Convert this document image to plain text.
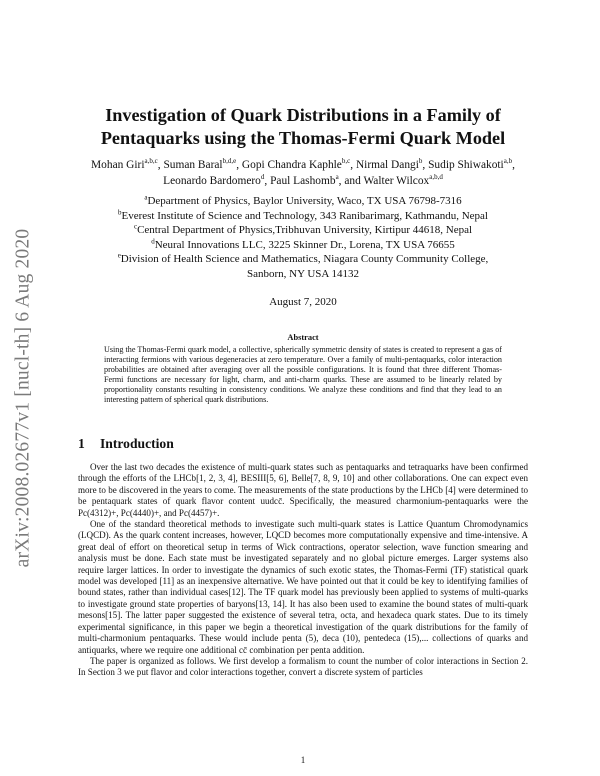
arXiv:2008.02677v1 [nucl-th] 6 Aug 2020
Investigation of Quark Distributions in a Family of
Pentaquarks using the Thomas-Fermi Quark Model
Mohan Giri$^{a,b,c}$, Suman Baral$^{b,d,e}$, Gopi Chandra Kaphle$^{b,c}$, Nirmal Dangi$^b$, Sudip Shiwakoti$^{a,b}$, Leonardo Bardomero$^d$, Paul Lashomb$^a$, and Walter Wilcox$^{a,b,d}$
$^a$Department of Physics, Baylor University, Waco, TX USA 76798-7316
$^b$Everest Institute of Science and Technology, 343 Ranibarimarg, Kathmandu, Nepal
$^c$Central Department of Physics,Tribhuvan University, Kirtipur 44618, Nepal
$^d$Neural Innovations LLC, 3225 Skinner Dr., Lorena, TX USA 76655
$^e$Division of Health Science and Mathematics, Niagara County Community College, Sanborn, NY USA 14132
August 7, 2020
Abstract
Using the Thomas-Fermi quark model, a collective, spherically symmetric density of states is created to represent a gas of interacting fermions with various degeneracies at zero temperature. Over a family of multi-pentaquarks, color interaction probabilities are obtained after averaging over all the possible configurations. It is found that three different Thomas-Fermi functions are necessary for light, charm, and anti-charm quarks. These are assumed to be linearly related by proportionality constants resulting in consistency conditions. We analyze these conditions and find that they lead to an interesting pattern of spherical quark distributions.
1 Introduction

Over the last two decades the existence of multi-quark states such as pentaquarks and tetraquarks have been confirmed through the efforts of the LHCb[1, 2, 3, 4], BESIII[5, 6], Belle[7, 8, 9, 10] and other collaborations. One can expect even more to be discovered in the years to come. The measurements of the state productions by the LHCb [4] were determined to be pentaquark states of quark flavor content uudcc̄. Specifically, the measured charmonium-pentaquarks were the Pc(4312)+, Pc(4440)+, and Pc(4457)+.

One of the standard theoretical methods to investigate such multi-quark states is Lattice Quantum Chromodynamics (LQCD). As the quark content increases, however, LQCD becomes more computationally expensive and time-intensive. A great deal of effort on theoretical setup in terms of Wick contractions, operator selection, wave function smearing and analysis must be done. Each state must be investigated separately and no global picture emerges. Larger systems also require larger lattices. In order to investigate the dynamics of such exotic states, the Thomas-Fermi (TF) statistical quark model was developed [11] as an inexpensive alternative. We have pointed out that it could be key to identifying families of bound states, rather than individual cases[12]. The TF quark model has previously been applied to systems of multi-quarks to investigate ground state properties of baryons[13, 14]. It has also been used to examine the bound states of multi-quark mesons[15]. The latter paper suggested the existence of several tetra, octa, and hexadeca quark states. Due to its timely experimental significance, in this paper we begin a theoretical investigation of the quark distributions for the family of multi-charmonium pentaquarks. These would include penta (5), deca (10), pentedeca (15),... collections of quarks and antiquarks, where we require one additional cc̄ combination per penta addition.

The paper is organized as follows. We first develop a formalism to count the number of color interactions in Section 2. In Section 3 we put flavor and color interactions together, convert a discrete system of particles

1
